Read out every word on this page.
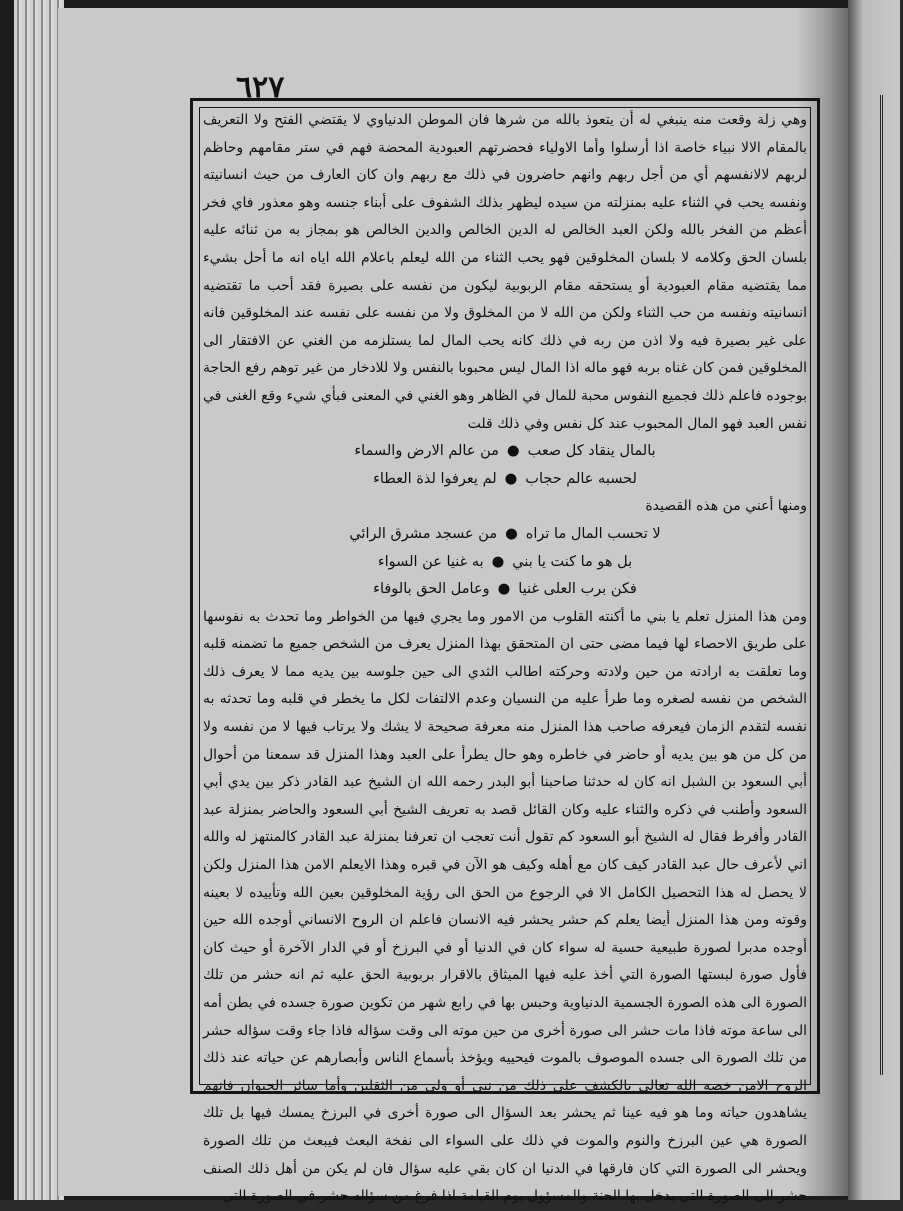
٦٢٧

وهي زلة وقعت منه ينبغي له أن يتعوذ بالله من شرها فان الموطن الدنياوي لا يقتضي الفتح ولا التعريف بالمقام الالا نبياء خاصة اذا أرسلوا وأما الاولياء فحضرتهم العبودية المحضة فهم في ستر مقامهم وحاظم لربهم لالانفسهم أي من أجل ربهم وانهم حاضرون في ذلك مع ربهم وان كان العارف من حيث انسانيته ونفسه يحب في الثناء عليه بمنزلته من سيده ليظهر بذلك الشفوف على أبناء جنسه وهو معذور فاي فخر أعظم من الفخر بالله ولكن العبد الخالص له الدين الخالص والدين الخالص هو بمجاز به من ثنائه عليه بلسان الحق وكلامه لا بلسان المخلوقين فهو يحب الثناء من الله ليعلم باعلام الله اياه انه ما أحل بشيء مما يقتضيه مقام العبودية أو يستحقه مقام الربوبية ليكون من نفسه على بصيرة فقد أحب ما تقتضيه انسانيته ونفسه من حب الثناء ولكن من الله لا من المخلوق ولا من نفسه على نفسه عند المخلوقين فانه على غير بصيرة فيه ولا اذن من ربه في ذلك كانه يحب المال لما يستلزمه من الغني عن الافتقار الى المخلوقين فمن كان غناه بربه فهو ماله اذا المال ليس محبوبا بالنفس ولا للادخار من غير توهم رفع الحاجة بوجوده فاعلم ذلك فجميع النفوس محبة للمال في الظاهر وهو الغني في المعنى فبأي شيء وقع الغنى في نفس العبد فهو المال المحبوب عند كل نفس وفي ذلك قلت

بالمال ينقاد كل صعب●من عالم الارض والسماء
لحسبه عالم حجاب●لم يعرفوا لذة العطاء
ومنها أعني من هذه القصيدة
لا تحسب المال ما تراه●من عسجد مشرق الرائي
بل هو ما كنت يا بني●به غنيا عن السواء
فكن برب العلى غنيا●وعامل الحق بالوفاء

ومن هذا المنزل تعلم يا بني ما أكنته القلوب من الامور وما يجري فيها من الخواطر وما تحدث به نفوسها على طريق الاحصاء لها فيما مضى حتى ان المتحقق بهذا المنزل يعرف من الشخص جميع ما تضمنه قلبه وما تعلقت به ارادته من حين ولادته وحركته اطالب الثدي الى حين جلوسه بين يديه مما لا يعرف ذلك الشخص من نفسه لصغره وما طرأ عليه من النسيان وعدم الالتفات لكل ما يخطر في قلبه وما تحدثه به نفسه لتقدم الزمان فيعرفه صاحب هذا المنزل منه معرفة صحيحة لا يشك ولا يرتاب فيها لا من نفسه ولا من كل من هو بين يديه أو حاضر في خاطره وهو حال يطرأ على العبد وهذا المنزل قد سمعنا من أحوال أبي السعود بن الشبل انه كان له حدثنا صاحبنا أبو البدر رحمه الله ان الشيخ عبد القادر ذكر بين يدي أبي السعود وأطنب في ذكره والثناء عليه وكان القائل قصد به تعريف الشيخ أبي السعود والحاضر بمنزلة عبد القادر وأفرط فقال له الشيخ أبو السعود كم تقول أنت تعجب ان تعرفنا بمنزلة عبد القادر كالمنتهز له والله اني لأعرف حال عبد القادر كيف كان مع أهله وكيف هو الآن في قبره وهذا الايعلم الامن هذا المنزل ولكن لا يحصل له هذا التحصيل الكامل الا في الرجوع من الحق الى رؤية المخلوقين بعين الله وتأييده لا بعينه وقوته ومن هذا المنزل أيضا يعلم كم حشر يحشر فيه الانسان فاعلم ان الروح الانساني أوجده الله حين أوجده مدبرا لصورة طبيعية حسية له سواء كان في الدنيا أو في البرزخ أو في الدار الآخرة أو حيث كان فأول صورة لبستها الصورة التي أخذ عليه فيها الميثاق بالاقرار بربوبية الحق عليه ثم انه حشر من تلك الصورة الى هذه الصورة الجسمية الدنياوية وحبس بها في رابع شهر من تكوين صورة جسده في بطن أمه الى ساعة موته فاذا مات حشر الى صورة أخرى من حين موته الى وقت سؤاله فاذا جاء وقت سؤاله حشر من تلك الصورة الى جسده الموصوف بالموت فيحييه ويؤخذ بأسماع الناس وأبصارهم عن حياته عند ذلك الروح الامن خصه الله تعالى بالكشف على ذلك من نبي أو ولي من الثقلين وأما سائر الحيوان فانهم يشاهدون حياته وما هو فيه عينا ثم يحشر بعد السؤال الى صورة أخرى في البرزخ يمسك فيها بل تلك الصورة هي عين البرزخ والنوم والموت في ذلك على السواء الى نفخة البعث فيبعث من تلك الصورة ويحشر الى الصورة التي كان فارقها في الدنيا ان كان بقي عليه سؤال فان لم يكن من أهل ذلك الصنف حشر الى الصورة التي يدخل بها الجنة والمسؤول يوم القيامة اذا فرغ من سؤاله حشر في الصورة التي
